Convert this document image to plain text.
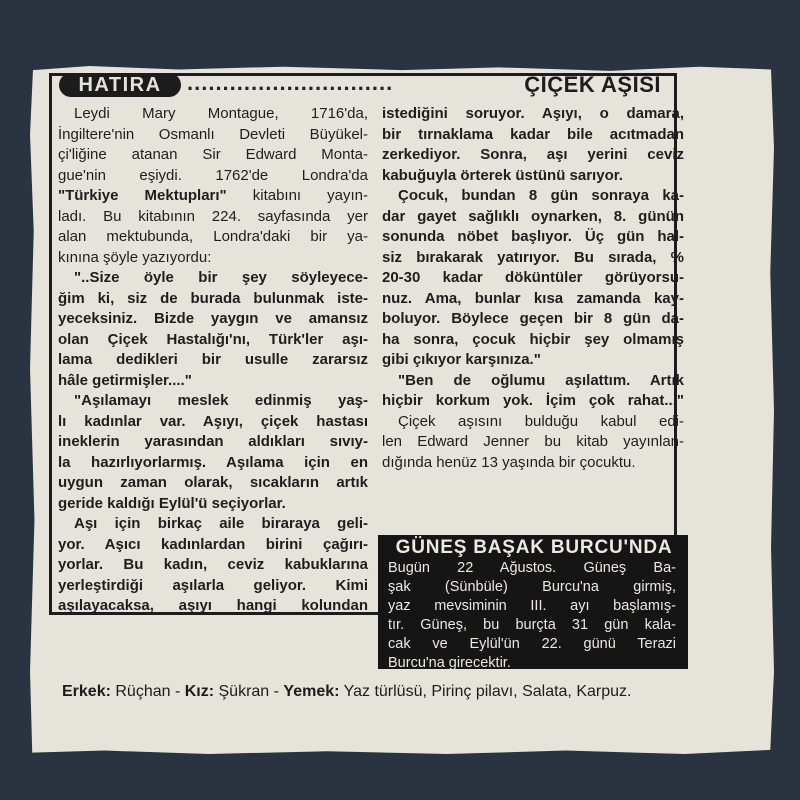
HATIRA	.............................	ÇİÇEK AŞISI
Leydi Mary Montague, 1716'da,
İngiltere'nin Osmanlı Devleti Büyükel-
çi'liğine atanan Sir Edward Monta-
gue'nin eşiydi. 1762'de Londra'da
"Türkiye Mektupları" kitabını yayın-
ladı. Bu kitabının 224. sayfasında yer
alan mektubunda, Londra'daki bir ya-
kınına şöyle yazıyordu:
"..Size öyle bir şey söyleyece-
ğim ki, siz de burada bulunmak iste-
yeceksiniz. Bizde yaygın ve amansız
olan Çiçek Hastalığı'nı, Türk'ler aşı-
lama dedikleri bir usulle zararsız
hâle getirmişler...."
"Aşılamayı meslek edinmiş yaş-
lı kadınlar var. Aşıyı, çiçek hastası
ineklerin yarasından aldıkları sıvıy-
la hazırlıyorlarmış. Aşılama için en
uygun zaman olarak, sıcakların artık
geride kaldığı Eylül'ü seçiyorlar.
Aşı için birkaç aile biraraya geli-
yor. Aşıcı kadınlardan birini çağırı-
yorlar. Bu kadın, ceviz kabuklarına
yerleştirdiği aşılarla geliyor. Kimi
aşılayacaksa, aşıyı hangi kolundan
istediğini soruyor. Aşıyı, o damara,
bir tırnaklama kadar bile acıtmadan
zerkediyor. Sonra, aşı yerini ceviz
kabuğuyla örterek üstünü sarıyor.
Çocuk, bundan 8 gün sonraya ka-
dar gayet sağlıklı oynarken, 8. günün
sonunda nöbet başlıyor. Üç gün hal-
siz bırakarak yatırıyor. Bu sırada, %
20-30 kadar döküntüler görüyorsu-
nuz. Ama, bunlar kısa zamanda kay-
boluyor. Böylece geçen bir 8 gün da-
ha sonra, çocuk hiçbir şey olmamış
gibi çıkıyor karşınıza."
"Ben de oğlumu aşılattım. Artık
hiçbir korkum yok. İçim çok rahat..."
Çiçek aşısını bulduğu kabul edi-
len Edward Jenner bu kitab yayınlan-
dığında henüz 13 yaşında bir çocuktu.
GÜNEŞ BAŞAK BURCU'NDA
Bugün 22 Ağustos. Güneş Ba-
şak (Sünbüle) Burcu'na girmiş,
yaz mevsiminin III. ayı başlamış-
tır. Güneş, bu burçta 31 gün kala-
cak ve Eylül'ün 22. günü Terazi
Burcu'na girecektir.
Erkek: Rüçhan - Kız: Şükran - Yemek: Yaz türlüsü, Pirinç pilavı, Salata, Karpuz.
